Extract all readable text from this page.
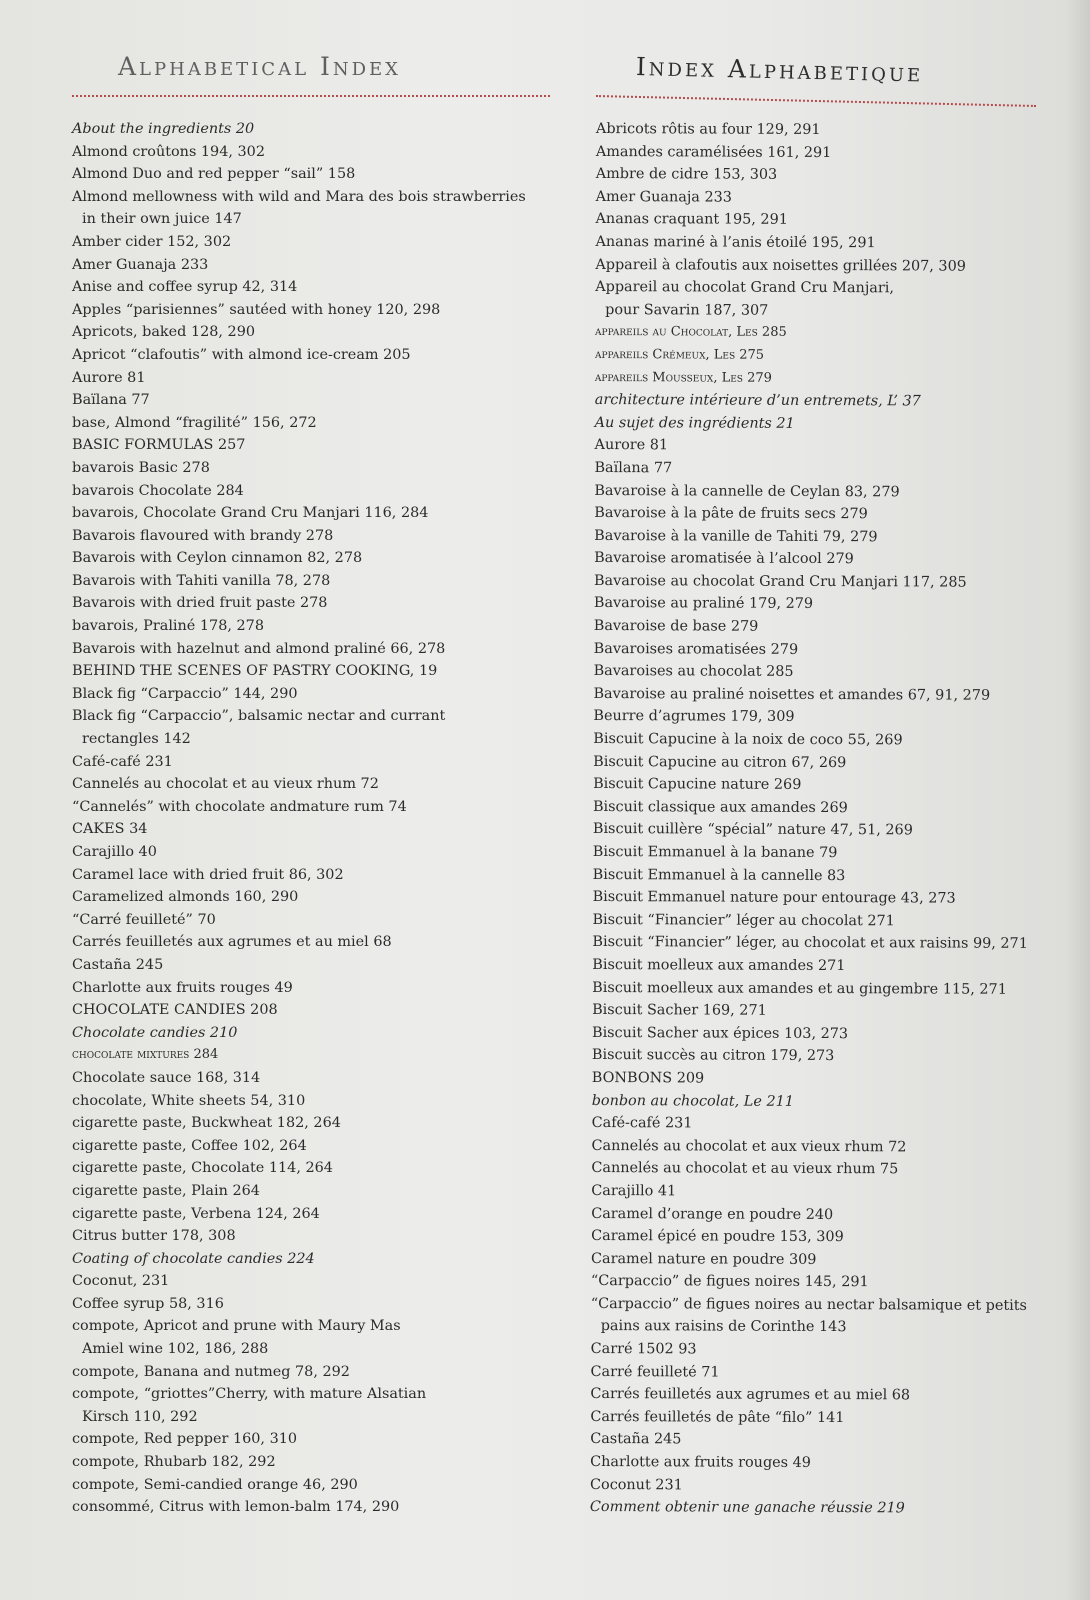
Alphabetical Index
About the ingredients 20
Almond croûtons 194, 302
Almond Duo and red pepper “sail” 158
Almond mellowness with wild and Mara des bois strawberries
in their own juice 147
Amber cider 152, 302
Amer Guanaja 233
Anise and coffee syrup 42, 314
Apples “parisiennes” sautéed with honey 120, 298
Apricots, baked 128, 290
Apricot “clafoutis” with almond ice-cream 205
Aurore 81
Baïlana 77
base, Almond “fragilité” 156, 272
BASIC FORMULAS 257
bavarois Basic 278
bavarois Chocolate 284
bavarois, Chocolate Grand Cru Manjari 116, 284
Bavarois flavoured with brandy 278
Bavarois with Ceylon cinnamon 82, 278
Bavarois with Tahiti vanilla 78, 278
Bavarois with dried fruit paste 278
bavarois, Praliné 178, 278
Bavarois with hazelnut and almond praliné 66, 278
BEHIND THE SCENES OF PASTRY COOKING, 19
Black fig “Carpaccio” 144, 290
Black fig “Carpaccio”, balsamic nectar and currant
rectangles 142
Café-café 231
Cannelés au chocolat et au vieux rhum 72
“Cannelés” with chocolate andmature rum 74
CAKES 34
Carajillo 40
Caramel lace with dried fruit 86, 302
Caramelized almonds 160, 290
“Carré feuilleté” 70
Carrés feuilletés aux agrumes et au miel 68
Castaña 245
Charlotte aux fruits rouges 49
CHOCOLATE CANDIES 208
Chocolate candies 210
chocolate mixtures 284
Chocolate sauce 168, 314
chocolate, White sheets 54, 310
cigarette paste, Buckwheat 182, 264
cigarette paste, Coffee 102, 264
cigarette paste, Chocolate 114, 264
cigarette paste, Plain 264
cigarette paste, Verbena 124, 264
Citrus butter 178, 308
Coating of chocolate candies 224
Coconut, 231
Coffee syrup 58, 316
compote, Apricot and prune with Maury Mas
Amiel wine 102, 186, 288
compote, Banana and nutmeg 78, 292
compote, “griottes”Cherry, with mature Alsatian
Kirsch 110, 292
compote, Red pepper 160, 310
compote, Rhubarb 182, 292
compote, Semi-candied orange 46, 290
consommé, Citrus with lemon-balm 174, 290
Index Alphabetique
Abricots rôtis au four 129, 291
Amandes caramélisées 161, 291
Ambre de cidre 153, 303
Amer Guanaja 233
Ananas craquant 195, 291
Ananas mariné à l’anis étoilé 195, 291
Appareil à clafoutis aux noisettes grillées 207, 309
Appareil au chocolat Grand Cru Manjari,
pour Savarin 187, 307
appareils au Chocolat, Les 285
appareils Crémeux, Les 275
appareils Mousseux, Les 279
architecture intérieure d’un entremets, L’ 37
Au sujet des ingrédients 21
Aurore 81
Baïlana 77
Bavaroise à la cannelle de Ceylan 83, 279
Bavaroise à la pâte de fruits secs 279
Bavaroise à la vanille de Tahiti 79, 279
Bavaroise aromatisée à l’alcool 279
Bavaroise au chocolat Grand Cru Manjari 117, 285
Bavaroise au praliné 179, 279
Bavaroise de base 279
Bavaroises aromatisées 279
Bavaroises au chocolat 285
Bavaroise au praliné noisettes et amandes 67, 91, 279
Beurre d’agrumes 179, 309
Biscuit Capucine à la noix de coco 55, 269
Biscuit Capucine au citron 67, 269
Biscuit Capucine nature 269
Biscuit classique aux amandes 269
Biscuit cuillère “spécial” nature 47, 51, 269
Biscuit Emmanuel à la banane 79
Biscuit Emmanuel à la cannelle 83
Biscuit Emmanuel nature pour entourage 43, 273
Biscuit “Financier” léger au chocolat 271
Biscuit “Financier” léger, au chocolat et aux raisins 99, 271
Biscuit moelleux aux amandes 271
Biscuit moelleux aux amandes et au gingembre 115, 271
Biscuit Sacher 169, 271
Biscuit Sacher aux épices 103, 273
Biscuit succès au citron 179, 273
BONBONS 209
bonbon au chocolat, Le 211
Café-café 231
Cannelés au chocolat et aux vieux rhum 72
Cannelés au chocolat et au vieux rhum 75
Carajillo 41
Caramel d’orange en poudre 240
Caramel épicé en poudre 153, 309
Caramel nature en poudre 309
“Carpaccio” de figues noires 145, 291
“Carpaccio” de figues noires au nectar balsamique et petits
pains aux raisins de Corinthe 143
Carré 1502 93
Carré feuilleté 71
Carrés feuilletés aux agrumes et au miel 68
Carrés feuilletés de pâte “filo” 141
Castaña 245
Charlotte aux fruits rouges 49
Coconut 231
Comment obtenir une ganache réussie 219
